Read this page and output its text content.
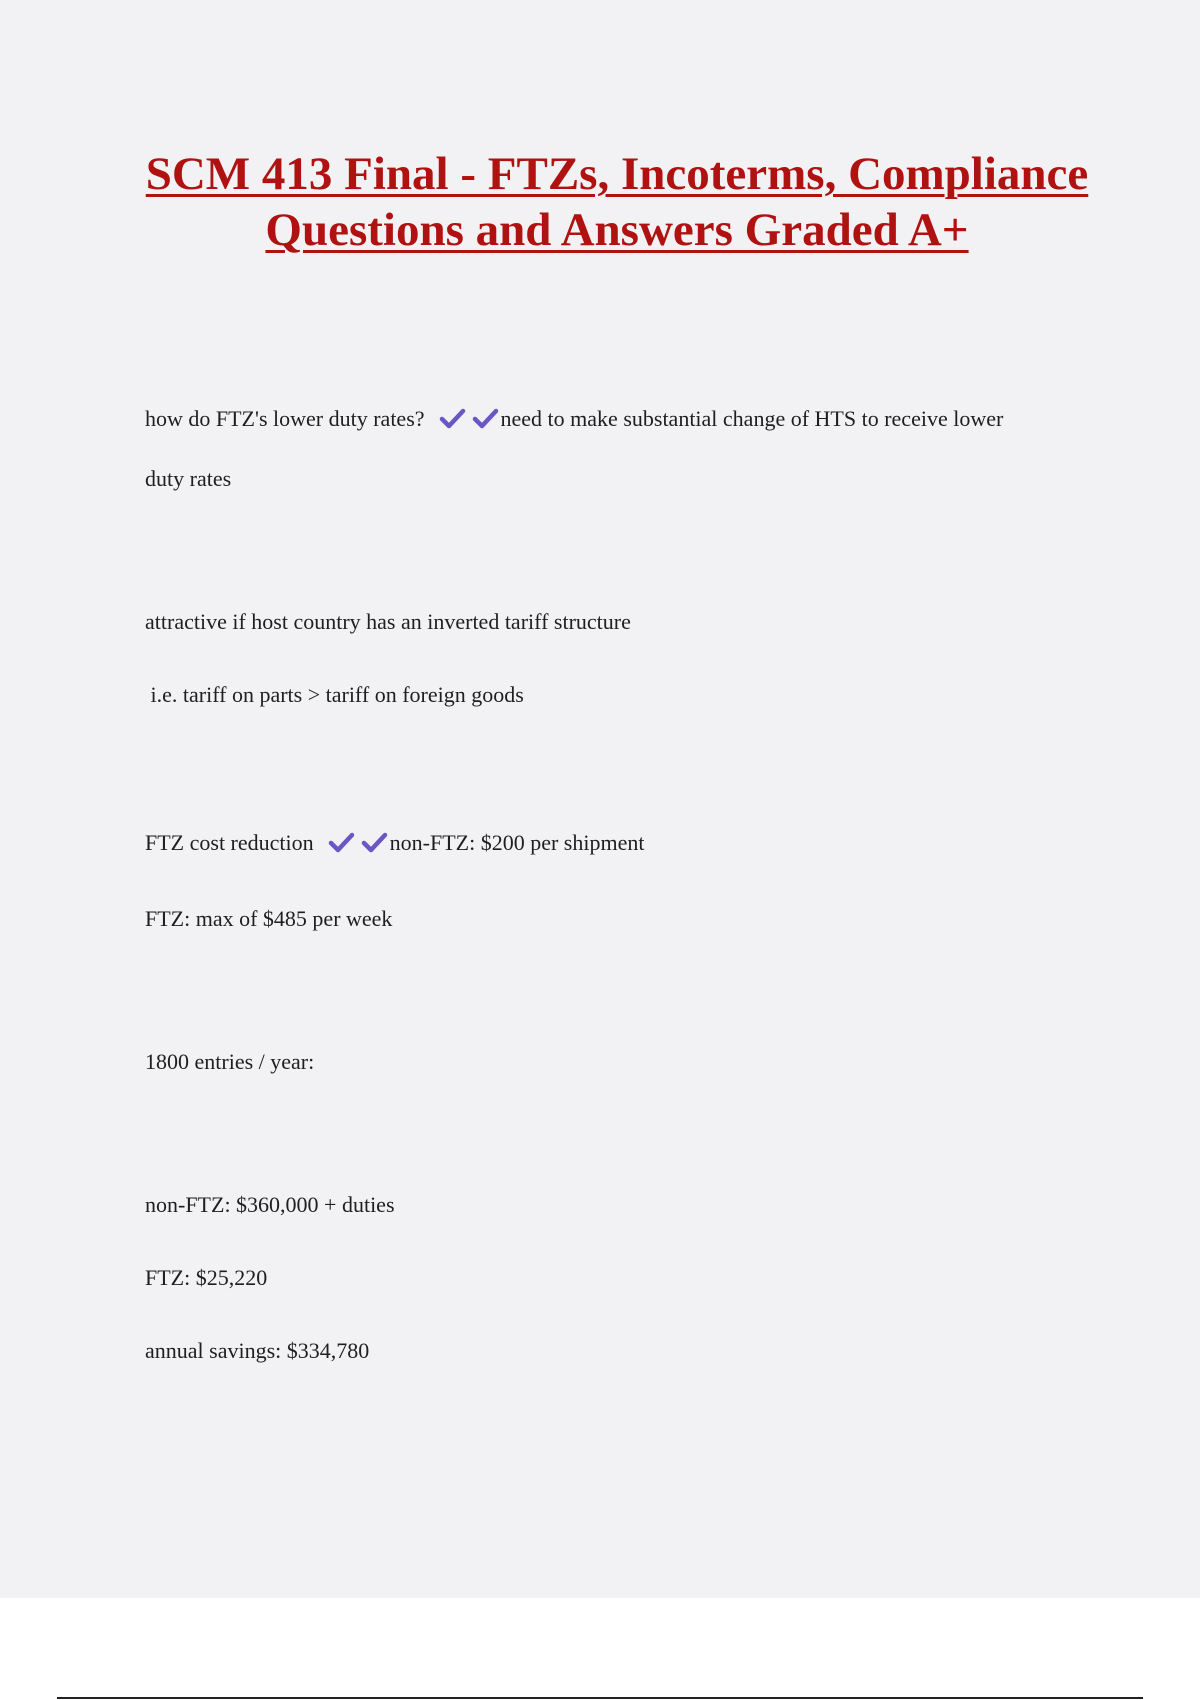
SCM 413 Final - FTZs, Incoterms, Compliance Questions and Answers Graded A+
how do FTZ's lower duty rates?	need to make substantial change of HTS to receive lower
duty rates
attractive if host country has an inverted tariff structure
i.e. tariff on parts > tariff on foreign goods
FTZ cost reduction	non-FTZ: $200 per shipment
FTZ: max of $485 per week
1800 entries / year:
non-FTZ: $360,000 + duties
FTZ: $25,220
annual savings: $334,780
